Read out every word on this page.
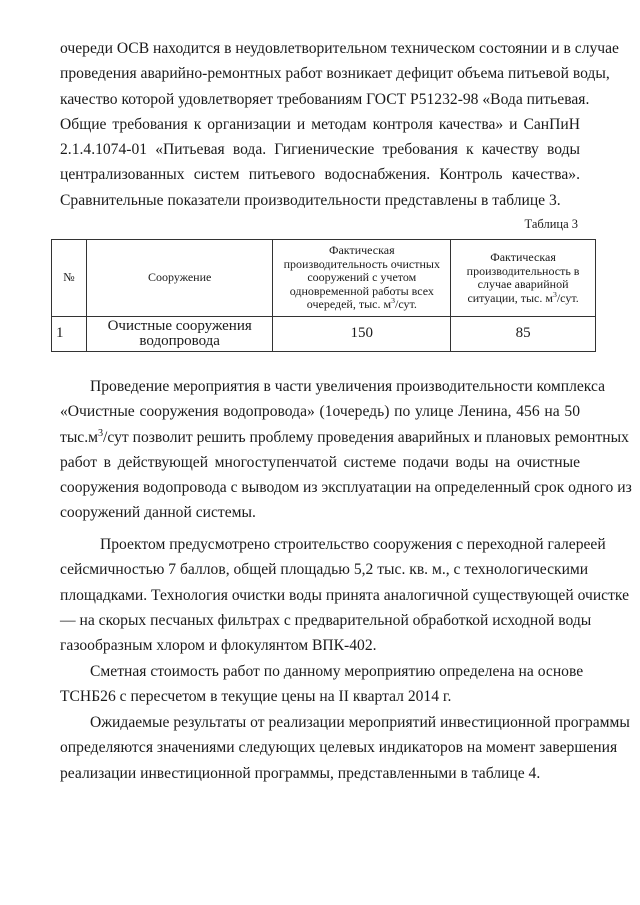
очереди ОСВ находится в неудовлетворительном техническом состоянии и в случае
проведения аварийно-ремонтных работ возникает дефицит объема питьевой воды,
качество которой удовлетворяет требованиям ГОСТ Р51232-98 «Вода питьевая.
Общие требования к организации и методам контроля качества» и СанПиН
2.1.4.1074-01 «Питьевая вода. Гигиенические требования к качеству воды
централизованных систем питьевого водоснабжения. Контроль качества».
Сравнительные показатели производительности представлены в таблице 3.

Таблица 3
№	Сооружение	Фактическая
производительность очистных
сооружений с учетом
одновременной работы всех
очередей, тыс. $м^3$/сут.	Фактическая
производительность в
случае аварийной
ситуации, тыс. $м^3$/сут.
1	Очистные сооружения
водопровода	150	85

Проведение мероприятия в части увеличения производительности комплекса
«Очистные сооружения водопровода» (1очередь) по улице Ленина, 456 на 50
$тыс.м^3$/сут позволит решить проблему проведения аварийных и плановых ремонтных
работ в действующей многоступенчатой системе подачи воды на очистные
сооружения водопровода с выводом из эксплуатации на определенный срок одного из
сооружений данной системы.

Проектом предусмотрено строительство сооружения с переходной галереей
сейсмичностью 7 баллов, общей площадью 5,2 тыс. кв. м., с технологическими
площадками. Технология очистки воды принята аналогичной существующей очистке
— на скорых песчаных фильтрах с предварительной обработкой исходной воды
газообразным хлором и флокулянтом ВПК-402.

Сметная стоимость работ по данному мероприятию определена на основе
ТСНБ26 с пересчетом в текущие цены на II квартал 2014 г.

Ожидаемые результаты от реализации мероприятий инвестиционной программы
определяются значениями следующих целевых индикаторов на момент завершения
реализации инвестиционной программы, представленными в таблице 4.
